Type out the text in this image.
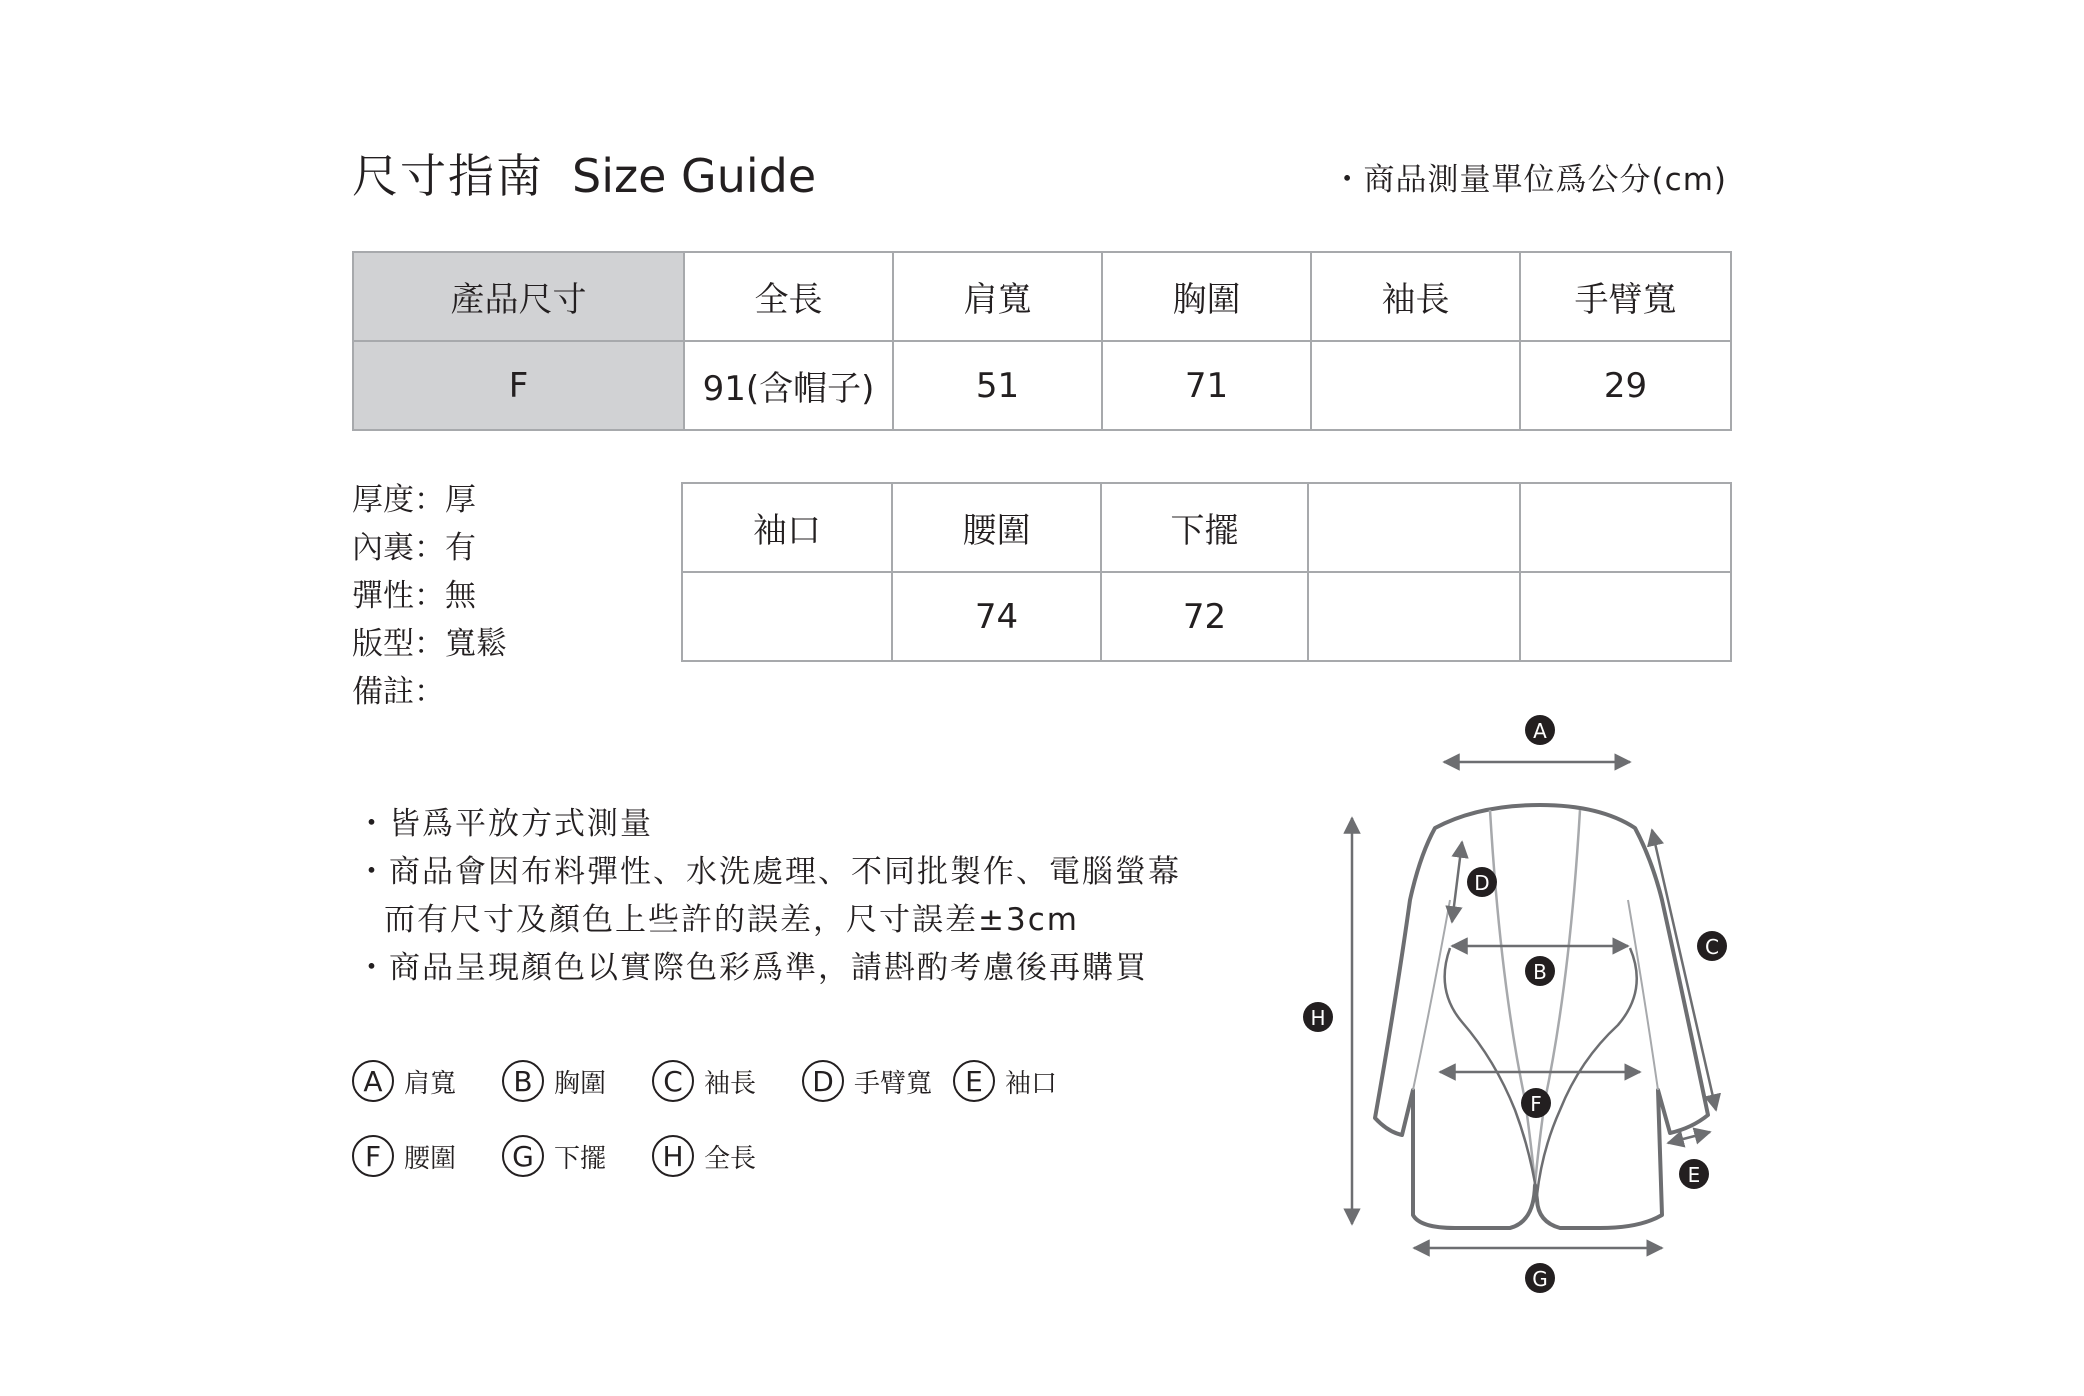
尺寸指南 Size Guide	・商品測量單位爲公分(cm)
產品尺寸	全長	肩寬	胸圍	袖長	手臂寬
F	91(含帽子)	51	71		29
袖口	腰圍	下擺		
	74	72		
厚度：厚
內裏：有
彈性：無
版型：寬鬆
備註：
・皆爲平放方式測量
・商品會因布料彈性、水洗處理、不同批製作、電腦螢幕
而有尺寸及顏色上些許的誤差，尺寸誤差±3cm
・商品呈現顏色以實際色彩爲準，請斟酌考慮後再購買
A 肩寬	B 胸圍	C 袖長	D 手臂寬	E 袖口
F 腰圍	G 下擺	H 全長
A
B
C
D
E
F
G
H
